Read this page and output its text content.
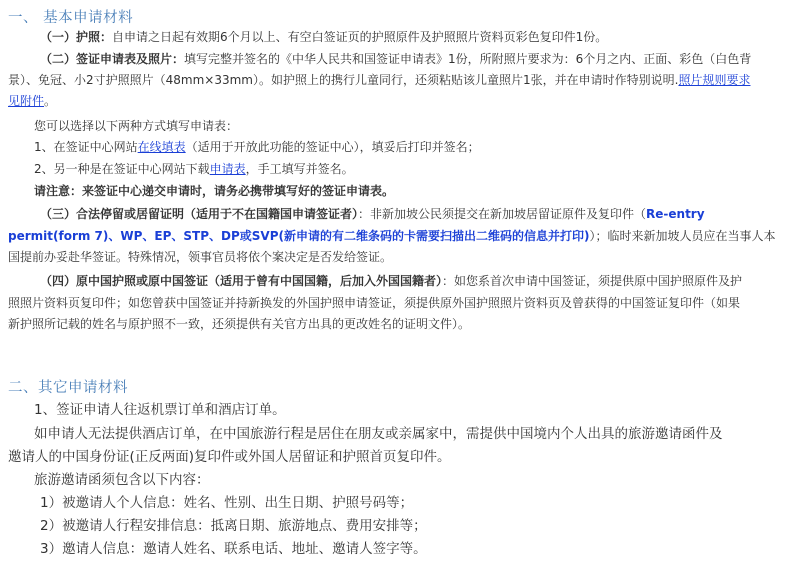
一、 基本申请材料
（一）护照：自申请之日起有效期6个月以上、有空白签证页的护照原件及护照照片资料页彩色复印件1份。
（二）签证申请表及照片：填写完整并签名的《中华人民共和国签证申请表》1份，所附照片要求为：6个月之内、正面、彩色（白色背
景）、免冠、小2寸护照照片（48mm×33mm）。如护照上的携行儿童同行，还须粘贴该儿童照片1张，并在申请时作特别说明.照片规则要求
见附件。
您可以选择以下两种方式填写申请表：
1、在签证中心网站在线填表（适用于开放此功能的签证中心），填妥后打印并签名；
2、另一种是在签证中心网站下载申请表，手工填写并签名。
请注意：来签证中心递交申请时，请务必携带填写好的签证申请表。
（三）合法停留或居留证明（适用于不在国籍国申请签证者）：非新加坡公民须提交在新加坡居留证原件及复印件（Re-entry
permit(form 7)、WP、EP、STP、DP或SVP(新申请的有二维条码的卡需要扫描出二维码的信息并打印)）；临时来新加坡人员应在当事人本
国提前办妥赴华签证。特殊情况，领事官员将依个案决定是否发给签证。
（四）原中国护照或原中国签证（适用于曾有中国国籍，后加入外国国籍者）：如您系首次申请中国签证，须提供原中国护照原件及护
照照片资料页复印件；如您曾获中国签证并持新换发的外国护照申请签证，须提供原外国护照照片资料页及曾获得的中国签证复印件（如果
新护照所记载的姓名与原护照不一致，还须提供有关官方出具的更改姓名的证明文件）。
二、其它申请材料
1、签证申请人往返机票订单和酒店订单。
如申请人无法提供酒店订单，在中国旅游行程是居住在朋友或亲属家中，需提供中国境内个人出具的旅游邀请函件及
邀请人的中国身份证(正反两面)复印件或外国人居留证和护照首页复印件。
旅游邀请函须包含以下内容：
1）被邀请人个人信息：姓名、性别、出生日期、护照号码等；
2）被邀请人行程安排信息：抵离日期、旅游地点、费用安排等；
3）邀请人信息：邀请人姓名、联系电话、地址、邀请人签字等。
